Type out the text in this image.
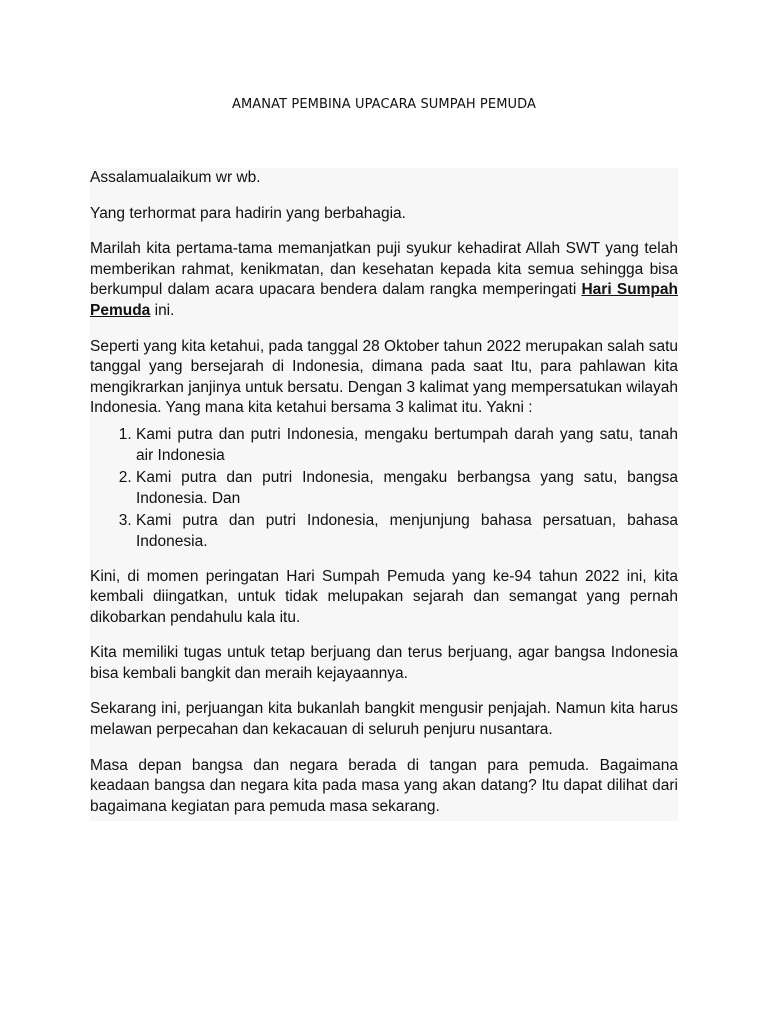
AMANAT PEMBINA UPACARA SUMPAH PEMUDA

Assalamualaikum wr wb.

Yang terhormat para hadirin yang berbahagia.

Marilah kita pertama-tama memanjatkan puji syukur kehadirat Allah SWT yang telah memberikan rahmat, kenikmatan, dan kesehatan kepada kita semua sehingga bisa berkumpul dalam acara upacara bendera dalam rangka memperingati Hari Sumpah Pemuda ini.

Seperti yang kita ketahui, pada tanggal 28 Oktober tahun 2022 merupakan salah satu tanggal yang bersejarah di Indonesia, dimana pada saat Itu, para pahlawan kita mengikrarkan janjinya untuk bersatu. Dengan 3 kalimat yang mempersatukan wilayah Indonesia. Yang mana kita ketahui bersama 3 kalimat itu. Yakni :

1. Kami putra dan putri Indonesia, mengaku bertumpah darah yang satu, tanah air Indonesia
2. Kami putra dan putri Indonesia, mengaku berbangsa yang satu, bangsa Indonesia. Dan
3. Kami putra dan putri Indonesia, menjunjung bahasa persatuan, bahasa Indonesia.

Kini, di momen peringatan Hari Sumpah Pemuda yang ke-94 tahun 2022 ini, kita kembali diingatkan, untuk tidak melupakan sejarah dan semangat yang pernah dikobarkan pendahulu kala itu.

Kita memiliki tugas untuk tetap berjuang dan terus berjuang, agar bangsa Indonesia bisa kembali bangkit dan meraih kejayaannya.

Sekarang ini, perjuangan kita bukanlah bangkit mengusir penjajah. Namun kita harus melawan perpecahan dan kekacauan di seluruh penjuru nusantara.

Masa depan bangsa dan negara berada di tangan para pemuda. Bagaimana keadaan bangsa dan negara kita pada masa yang akan datang? Itu dapat dilihat dari bagaimana kegiatan para pemuda masa sekarang.
